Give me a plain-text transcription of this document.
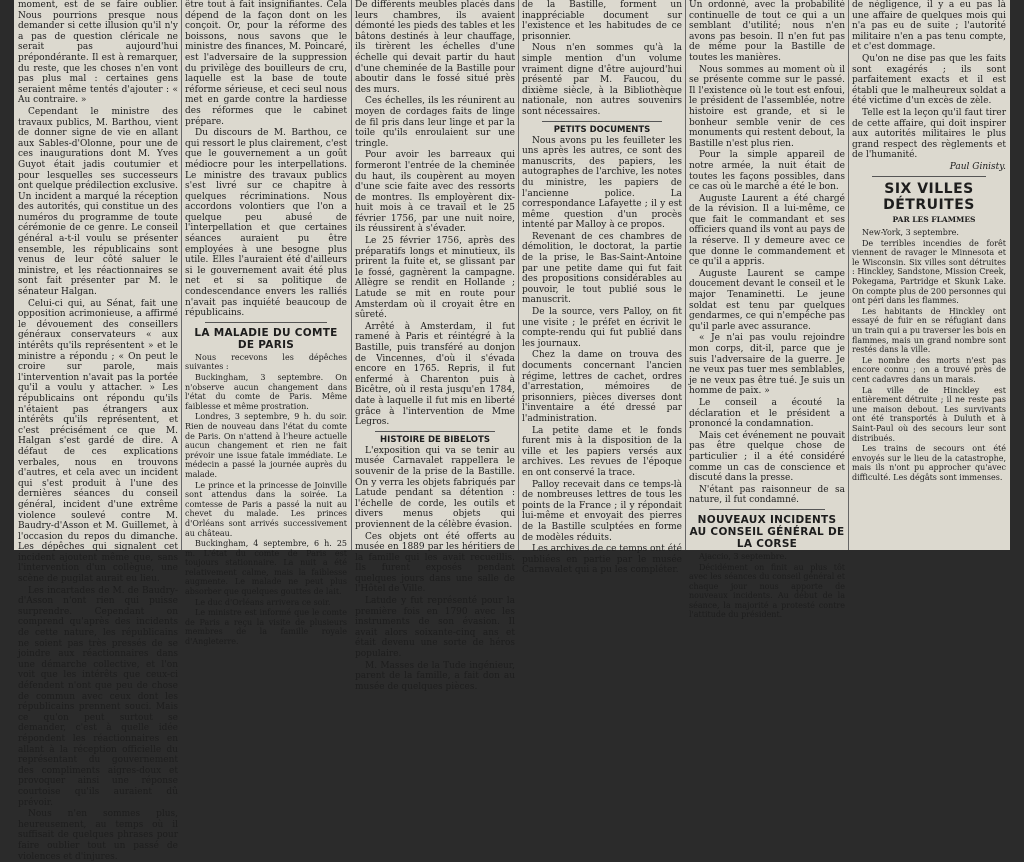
moment, est de se faire oublier. Nous pourrions presque nous demander si cette illusion qu'il n'y a pas de question cléricale ne serait pas aujourd'hui prépondérante. Il est à remarquer, du reste, que les choses n'en vont pas plus mal : certaines gens seraient même tentés d'ajouter : « Au contraire. »

Cependant le ministre des travaux publics, M. Barthou, vient de donner signe de vie en allant aux Sables-d'Olonne, pour une de ces inaugurations dont M. Yves Guyot était jadis coutumier et pour lesquelles ses successeurs ont quelque prédilection exclusive. Un incident a marqué la réception des autorités, qui constitue un des numéros du programme de toute cérémonie de ce genre. Le conseil général a-t-il voulu se présenter ensemble, les républicains sont venus de leur côté saluer le ministre, et les réactionnaires se sont fait présenter par M. le sénateur Halgan.

Celui-ci qui, au Sénat, fait une opposition acrimonieuse, a affirmé le dévouement des conseillers généraux conservateurs « aux intérêts qu'ils représentent » et le ministre a répondu ; « On peut le croire sur parole, mais l'intervention n'avait pas la portée qu'il a voulu y attacher. » Les républicains ont répondu qu'ils n'étaient pas étrangers aux intérêts qu'ils représentent, et c'est précisément ce que M. Halgan s'est gardé de dire. A défaut de ces explications verbales, nous en trouvons d'autres, et cela avec un incident qui s'est produit à l'une des dernières séances du conseil général, incident d'une extrême violence soulevé contre M. Baudry-d'Asson et M. Guillemet, à l'occasion du repos du dimanche. Les dépêches qui signalent cet incident ajoutent même que, sans l'intervention d'un collègue, une scène de pugilat aurait eu lieu.

Les incartades de M. de Baudry-d'Asson n'ont rien qui puisse surprendre. Cependant on comprend qu'après des incidents de cette nature, les républicains ne soient pas très pressés de se joindre aux réactionnaires dans une démarche collective, et l'on voit que les intérêts que ceux-ci défendent n'ont que peu de chose de commun avec ceux dont les républicains prennent souci. Mais ce qu'on peut surtout se demander, c'est à quelle idée répondent les réactionnaires en allant à la réception officielle du représentant du gouvernement des compliments aigres-doux et provoquer ainsi une réponse courtoise qu'ils auraient dû prévoir.

Nous n'en sommes plus, heureusement, au temps où il suffisait de quelques phrases pour faire oublier tout un passé de violences et d'injures.

être tout à fait insignifiantes. Cela dépend de la façon dont on les conçoit. Or, pour la réforme des boissons, nous savons que le ministre des finances, M. Poincaré, est l'adversaire de la suppression du privilège des bouilleurs de cru, laquelle est la base de toute réforme sérieuse, et ceci seul nous met en garde contre la hardiesse des réformes que le cabinet prépare.

Du discours de M. Barthou, ce qui ressort le plus clairement, c'est que le gouvernement a un goût médiocre pour les interpellations. Le ministre des travaux publics s'est livré sur ce chapitre à quelques récriminations. Nous accordons volontiers que l'on a quelque peu abusé de l'interpellation et que certaines séances auraient pu être employées à une besogne plus utile. Elles l'auraient été d'ailleurs si le gouvernement avait été plus net et si sa politique de condescendance envers les ralliés n'avait pas inquiété beaucoup de républicains.

LA MALADIE DU COMTE DE PARIS

Nous recevons les dépêches suivantes :

Buckingham, 3 septembre. On n'observe aucun changement dans l'état du comte de Paris. Même faiblesse et même prostration.

Londres, 3 septembre, 9 h. du soir. Rien de nouveau dans l'état du comte de Paris. On n'attend à l'heure actuelle aucun changement et rien ne fait prévoir une issue fatale immédiate. Le médecin a passé la journée auprès du malade.

Le prince et la princesse de Joinville sont attendus dans la soirée. La comtesse de Paris a passé la nuit au chevet du malade. Les princes d'Orléans sont arrivés successivement au château.

Buckingham, 4 septembre, 6 h. 25 m. L'état du comte de Paris est toujours stationnaire. La nuit a été relativement calme, mais la faiblesse augmente. Le malade ne peut plus absorber que quelques gouttes de lait.

Le duc d'Orléans arrivera ce soir.

Le ministre est informé que le comte de Paris a reçu la visite de plusieurs membres de la famille royale d'Angleterre.

De différents meubles placés dans leurs chambres, ils avaient démonté les pieds des tables et les bâtons destinés à leur chauffage, ils tirèrent les échelles d'une échelle qui devait partir du haut d'une cheminée de la Bastille pour aboutir dans le fossé situé près des murs.

Ces échelles, ils les réunirent au moyen de cordages faits de linge de fil pris dans leur linge et par la toile qu'ils enroulaient sur une tringle.

Pour avoir les barreaux qui formeront l'entrée de la cheminée du haut, ils coupèrent au moyen d'une scie faite avec des ressorts de montres. Ils employèrent dix-huit mois à ce travail et le 25 février 1756, par une nuit noire, ils réussirent à s'évader.

Le 25 février 1756, après des préparatifs longs et minutieux, ils prirent la fuite et, se glissant par le fossé, gagnèrent la campagne. Allègre se rendit en Hollande ; Latude se mit en route pour Amsterdam où il croyait être en sûreté.

Arrêté à Amsterdam, il fut ramené à Paris et réintégré à la Bastille, puis transféré au donjon de Vincennes, d'où il s'évada encore en 1765. Repris, il fut enfermé à Charenton puis à Bicêtre, où il resta jusqu'en 1784, date à laquelle il fut mis en liberté grâce à l'intervention de Mme Legros.

HISTOIRE DE BIBELOTS

L'exposition qui va se tenir au musée Carnavalet rappellera le souvenir de la prise de la Bastille. On y verra les objets fabriqués par Latude pendant sa détention : l'échelle de corde, les outils et divers menus objets qui proviennent de la célèbre évasion.

Ces objets ont été offerts au musée en 1889 par les héritiers de la famille qui les avait recueillis. Ils furent exposés pendant quelques jours dans une salle de l'Hôtel de Ville.

Latude y fut représenté pour la première fois en 1790 avec les instruments de son évasion. Il avait alors soixante-cinq ans et était devenu une sorte de héros populaire.

M. Masses de la Tude ingénieur, parent de la famille, a fait don au musée de quelques pièces.

de la Bastille, forment un inappréciable document sur l'existence et les habitudes de ce prisonnier.

Nous n'en sommes qu'à la simple mention d'un volume vraiment digne d'être aujourd'hui présenté par M. Faucou, du dixième siècle, à la Bibliothèque nationale, non autres souvenirs sont nécessaires.

PETITS DOCUMENTS

Nous avons pu les feuilleter les uns après les autres, ce sont des manuscrits, des papiers, les autographes de l'archive, les notes du ministre, les papiers de l'ancienne police. La correspondance Lafayette ; il y est même question d'un procès intenté par Malloy à ce propos.

Revenant de ces chambres de démolition, le doctorat, la partie de la prise, le Bas-Saint-Antoine par une petite dame qui fut fait des propositions considérables au pouvoir, le tout publié sous le manuscrit.

De la source, vers Palloy, on fit une visite ; le préfet en écrivit le compte-rendu qui fut publié dans les journaux.

Chez la dame on trouva des documents concernant l'ancien régime, lettres de cachet, ordres d'arrestation, mémoires de prisonniers, pièces diverses dont l'inventaire a été dressé par l'administration.

La petite dame et le fonds furent mis à la disposition de la ville et les papiers versés aux archives. Les revues de l'époque en ont conservé la trace.

Palloy recevait dans ce temps-là de nombreuses lettres de tous les points de la France ; il y répondait lui-même et envoyait des pierres de la Bastille sculptées en forme de modèles réduits.

Les archives de ce temps ont été publiées en partie par le musée Carnavalet qui a pu les compléter.

Un ordonné, avec la probabilité continuelle de tout ce qui a un semblant d'utilité; nous n'en avons pas besoin. Il n'en fut pas de même pour la Bastille de toutes les manières.

Nous sommes au moment où il se présente comme sur le passé. Il l'existence où le tout est enfoui, le président de l'assemblée, notre histoire est grande, et si le bonheur semble venir de ces monuments qui restent debout, la Bastille n'est plus rien.

Pour la simple appareil de notre armée, la nuit était de toutes les façons possibles, dans ce cas où le marché a été le bon.

Auguste Laurent a été chargé de la révision. Il a lui-même, ce que fait le commandant et ses officiers quand ils vont au pays de la réserve. Il y demeure avec ce que donne le commandement et ce qu'il a appris.

Auguste Laurent se campe doucement devant le conseil et le major Tenaminetti. Le jeune soldat est tenu par quelques gendarmes, ce qui n'empêche pas qu'il parle avec assurance.

« Je n'ai pas voulu rejoindre mon corps, dit-il, parce que je suis l'adversaire de la guerre. Je ne veux pas tuer mes semblables, je ne veux pas être tué. Je suis un homme de paix. »

Le conseil a écouté la déclaration et le président a prononcé la condamnation.

Mais cet événement ne pouvait pas être quelque chose de particulier ; il a été considéré comme un cas de conscience et discuté dans la presse.

N'étant pas raisonneur de sa nature, il fut condamné.

NOUVEAUX INCIDENTS AU CONSEIL GÉNÉRAL DE LA CORSE

Ajaccio, 3 septembre.

Décidément on finit au plus tôt avec les séances du conseil général et chaque jour nous apporte de nouveaux incidents. Au début de la séance, la majorité a protesté contre l'attitude du président.

de négligence, il y a eu pas là une affaire de quelques mois qui n'a pas eu de suite ; l'autorité militaire n'en a pas tenu compte, et c'est dommage.

Qu'on ne dise pas que les faits sont exagérés ; ils sont parfaitement exacts et il est établi que le malheureux soldat a été victime d'un excès de zèle.

Telle est la leçon qu'il faut tirer de cette affaire, qui doit inspirer aux autorités militaires le plus grand respect des règlements et de l'humanité.

Paul Ginisty.

SIX VILLES DÉTRUITES

PAR LES FLAMMES

New-York, 3 septembre.

De terribles incendies de forêt viennent de ravager le Minnesota et le Wisconsin. Six villes sont détruites : Hinckley, Sandstone, Mission Creek, Pokegama, Partridge et Skunk Lake. On compte plus de 200 personnes qui ont péri dans les flammes.

Les habitants de Hinckley ont essayé de fuir en se réfugiant dans un train qui a pu traverser les bois en flammes, mais un grand nombre sont restés dans la ville.

Le nombre des morts n'est pas encore connu ; on a trouvé près de cent cadavres dans un marais.

La ville de Hinckley est entièrement détruite ; il ne reste pas une maison debout. Les survivants ont été transportés à Duluth et à Saint-Paul où des secours leur sont distribués.

Les trains de secours ont été envoyés sur le lieu de la catastrophe, mais ils n'ont pu approcher qu'avec difficulté. Les dégâts sont immenses.
